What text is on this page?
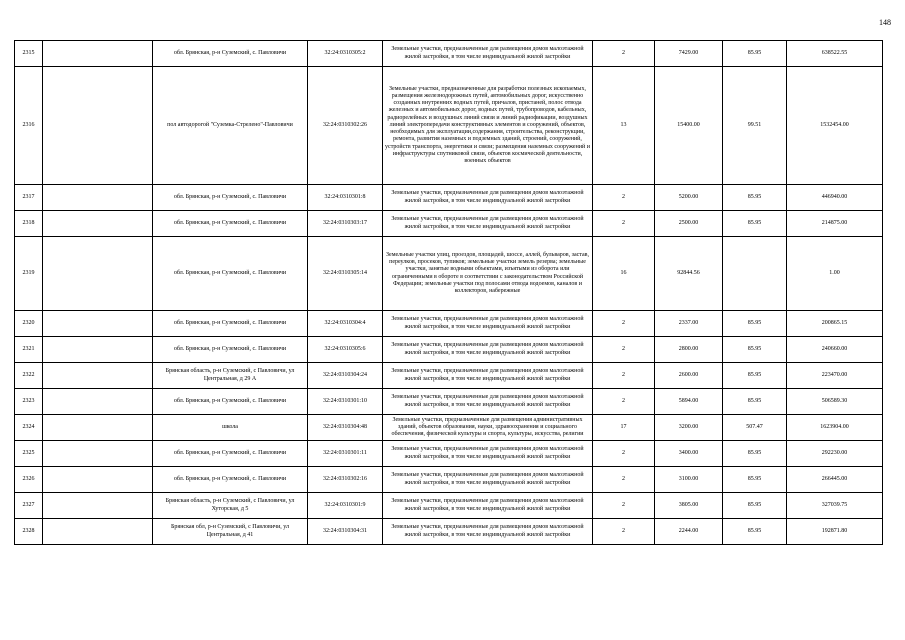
148
2315		обл. Брянская, р-н Суземский, с. Павловичи	32:24:0310305:2	Земельные участки, предназначенные для размещения домов малоэтажной жилой застройки, в том числе индивидуальной жилой застройки	2	7429.00	85.95	638522.55
2316		пол автодорогой "Суземка-Стрелено"-Павловичи	32:24:0310302:26	Земельные участки, предназначенные для разработки полезных ископаемых, размещения железнодорожных путей, автомобильных дорог, искусственно созданных внутренних водных путей, причалов, пристаней, полос отвода железных и автомобильных дорог, водных путей, трубопроводов, кабельных, радиорелейных и воздушных линий связи и линий радиофикации, воздушных линий электропередачи конструктивных элементов и сооружений, объектов, необходимых для эксплуатации,содержания, строительства, реконструкции, ремонта, развития наземных и подземных зданий, строений, сооружений, устройств транспорта, энергетики и связи; размещения наземных сооружений и инфраструктуры спутниковой связи, объектов космической деятельности, военных объектов	13	15400.00	99.51	1532454.00
2317		обл. Брянская, р-н Суземский, с. Павловичи	32:24:0310301:8	Земельные участки, предназначенные для размещения домов малоэтажной жилой застройки, в том числе индивидуальной жилой застройки	2	5200.00	85.95	446940.00
2318		обл. Брянская, р-н Суземский, с. Павловичи	32:24:0310303:17	Земельные участки, предназначенные для размещения домов малоэтажной жилой застройки, в том числе индивидуальной жилой застройки	2	2500.00	85.95	214875.00
2319		обл. Брянская, р-н Суземский, с. Павловичи	32:24:0310305:14	Земельные участки улиц, проездов, площадей, шоссе, аллей, бульваров, застав, переулков, просеков, тупиков; земельные участки земель резерва; земельные участки, занятые водными объектами, изъятыми из оборота или ограниченными в обороте в соответствии с законодательством Российской Федерации; земельные участки под полосами отвода водоемов, каналов и коллекторов, набережные	16	92844.56		1.00
2320		обл. Брянская, р-н Суземский, с. Павловичи	32:24:0310304:4	Земельные участки, предназначенные для размещения домов малоэтажной жилой застройки, в том числе индивидуальной жилой застройки	2	2337.00	85.95	200865.15
2321		обл. Брянская, р-н Суземский, с. Павловичи	32:24:0310305:6	Земельные участки, предназначенные для размещения домов малоэтажной жилой застройки, в том числе индивидуальной жилой застройки	2	2800.00	85.95	240660.00
2322		Брянская область, р-н Суземский, с Павловичи, ул Центральная, д 29 А	32:24:0310304:24	Земельные участки, предназначенные для размещения домов малоэтажной жилой застройки, в том числе индивидуальной жилой застройки	2	2600.00	85.95	223470.00
2323		обл. Брянская, р-н Суземский, с. Павловичи	32:24:0310301:10	Земельные участки, предназначенные для размещения домов малоэтажной жилой застройки, в том числе индивидуальной жилой застройки	2	5894.00	85.95	506589.30
2324		школа	32:24:0310304:48	Земельные участки, предназначенные для размещения административных зданий, объектов образования, науки, здравоохранения и социального обеспечения, физической культуры и спорта, культуры, искусства, религии	17	3200.00	507.47	1623904.00
2325		обл. Брянская, р-н Суземский, с. Павловичи	32:24:0310301:11	Земельные участки, предназначенные для размещения домов малоэтажной жилой застройки, в том числе индивидуальной жилой застройки	2	3400.00	85.95	292230.00
2326		обл. Брянская, р-н Суземский, с. Павловичи	32:24:0310302:16	Земельные участки, предназначенные для размещения домов малоэтажной жилой застройки, в том числе индивидуальной жилой застройки	2	3100.00	85.95	266445.00
2327		Брянская область, р-н Суземский, с Павловичи, ул Хуторская, д 5	32:24:0310301:9	Земельные участки, предназначенные для размещения домов малоэтажной жилой застройки, в том числе индивидуальной жилой застройки	2	3805.00	85.95	327039.75
2328		Брянская обл, р-н Суземский, с Павловичи, ул Центральная, д 41	32:24:0310304:31	Земельные участки, предназначенные для размещения домов малоэтажной жилой застройки, в том числе индивидуальной жилой застройки	2	2244.00	85.95	192871.80
